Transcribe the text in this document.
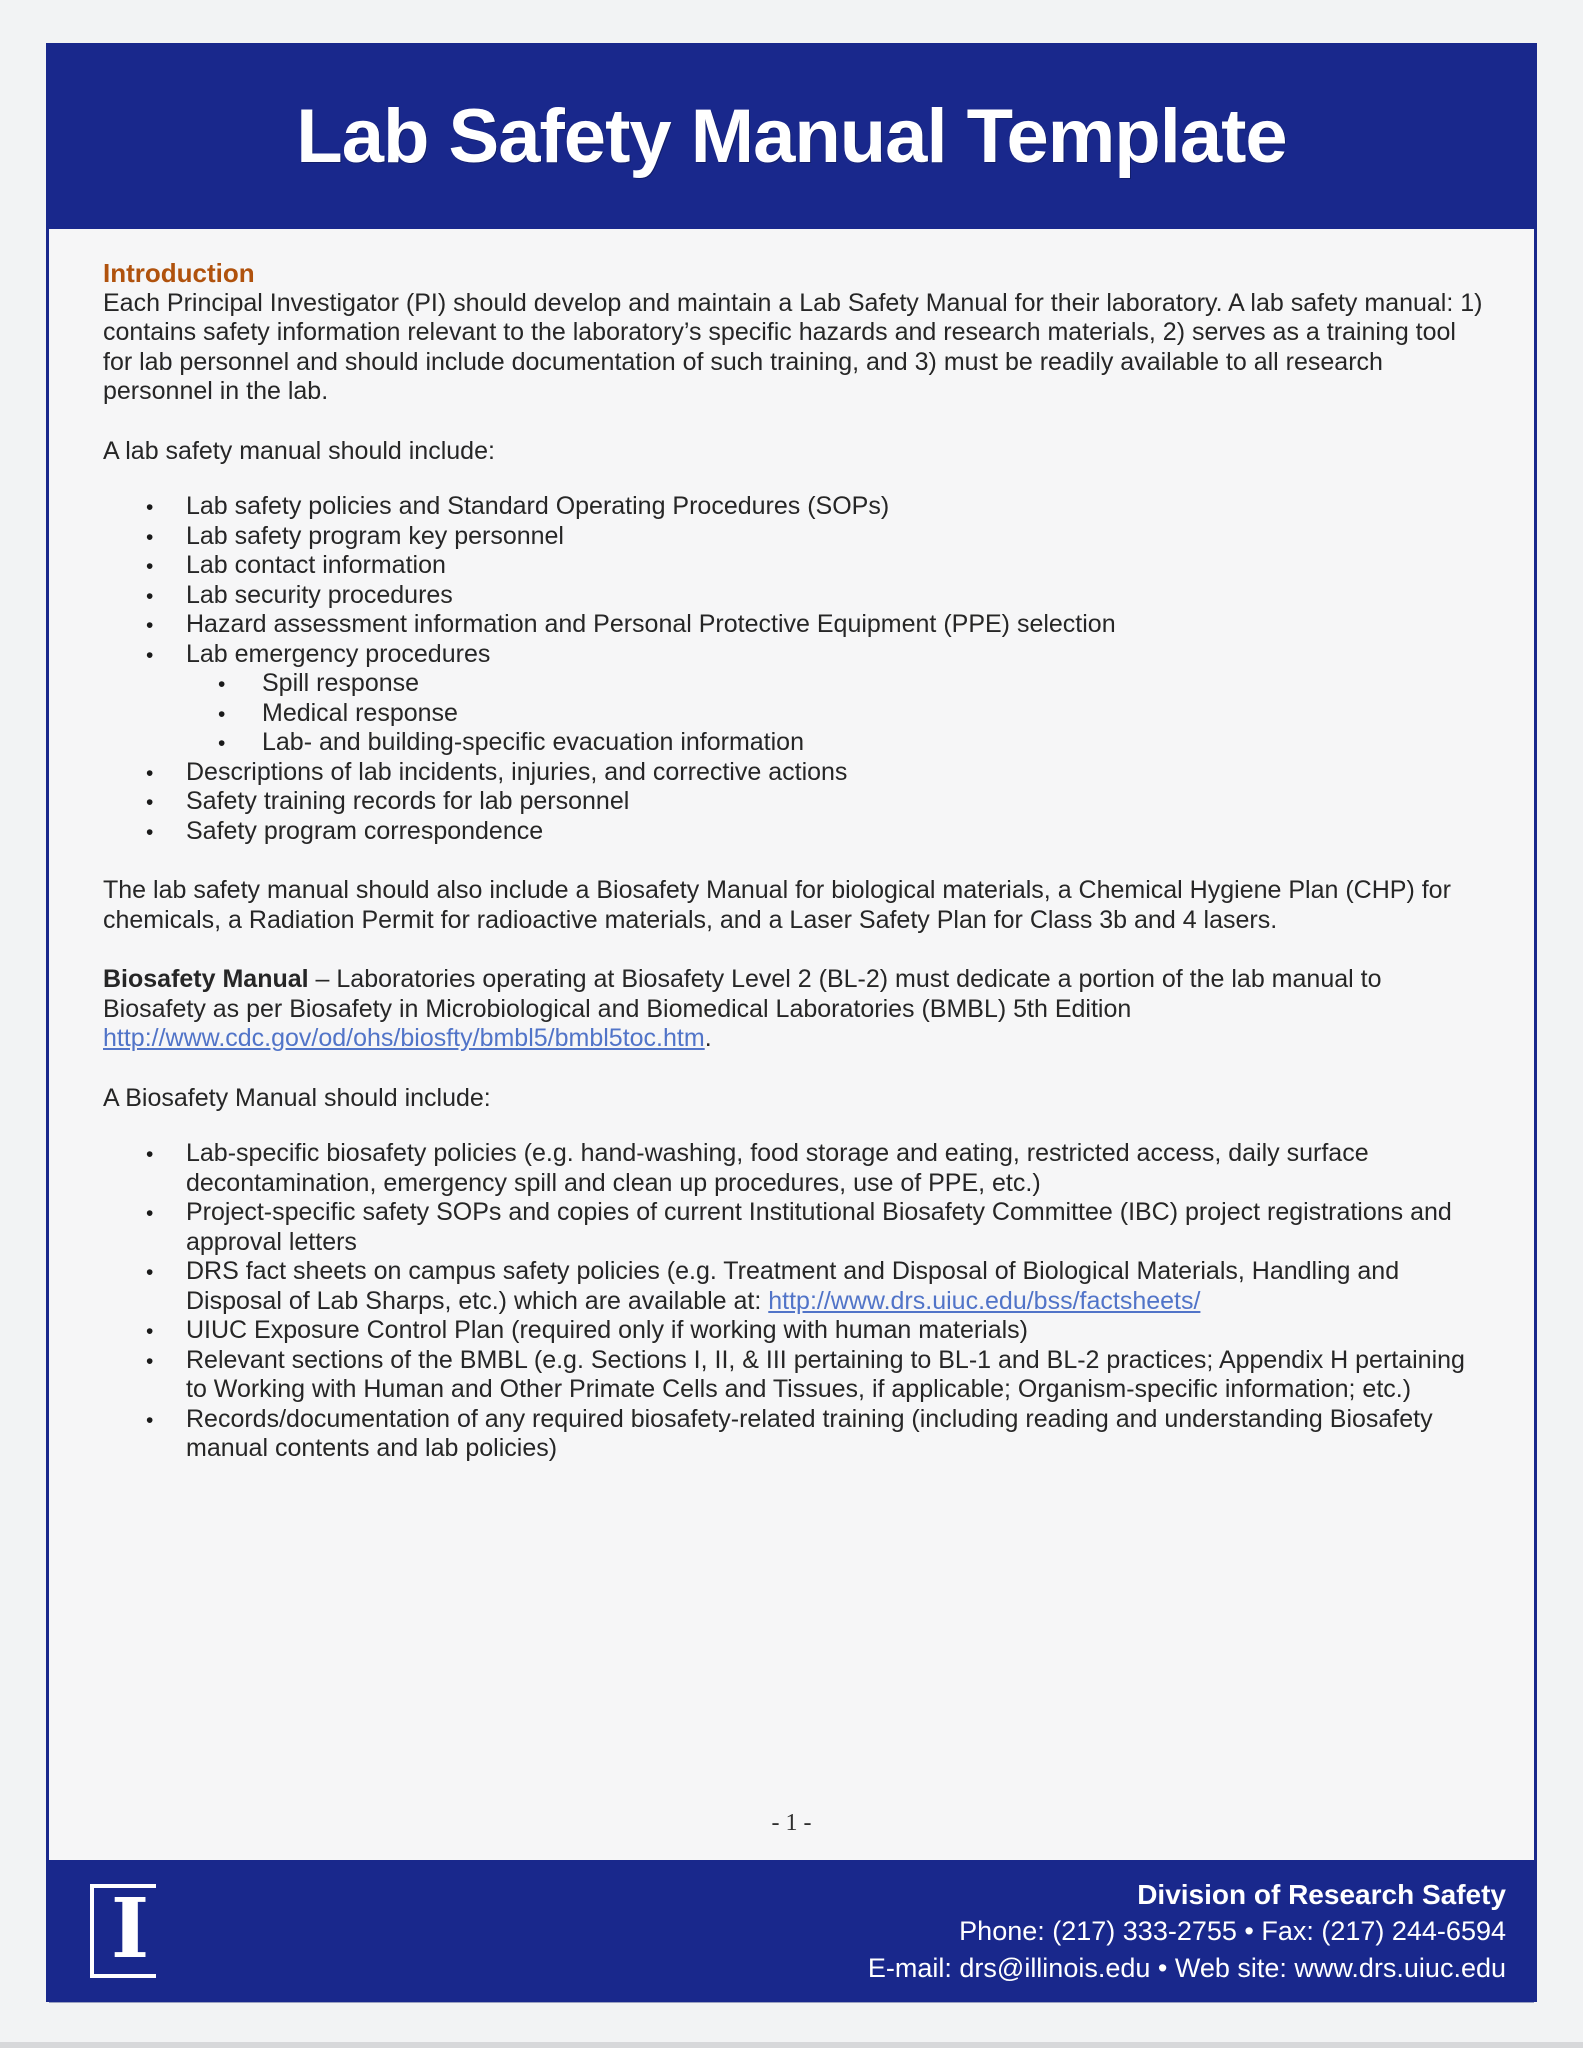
Lab Safety Manual Template
Introduction

Each Principal Investigator (PI) should develop and maintain a Lab Safety Manual for their laboratory. A lab safety manual: 1) contains safety information relevant to the laboratory’s specific hazards and research materials, 2) serves as a training tool for lab personnel and should include documentation of such training, and 3) must be readily available to all research personnel in the lab.

A lab safety manual should include:

• Lab safety policies and Standard Operating Procedures (SOPs)
• Lab safety program key personnel
• Lab contact information
• Lab security procedures
• Hazard assessment information and Personal Protective Equipment (PPE) selection
• Lab emergency procedures
• Spill response
• Medical response
• Lab- and building-specific evacuation information
• Descriptions of lab incidents, injuries, and corrective actions
• Safety training records for lab personnel
• Safety program correspondence

The lab safety manual should also include a Biosafety Manual for biological materials, a Chemical Hygiene Plan (CHP) for chemicals, a Radiation Permit for radioactive materials, and a Laser Safety Plan for Class 3b and 4 lasers.

Biosafety Manual – Laboratories operating at Biosafety Level 2 (BL-2) must dedicate a portion of the lab manual to Biosafety as per Biosafety in Microbiological and Biomedical Laboratories (BMBL) 5th Edition http://www.cdc.gov/od/ohs/biosfty/bmbl5/bmbl5toc.htm.

A Biosafety Manual should include:

• Lab-specific biosafety policies (e.g. hand-washing, food storage and eating, restricted access, daily surface decontamination, emergency spill and clean up procedures, use of PPE, etc.)
• Project-specific safety SOPs and copies of current Institutional Biosafety Committee (IBC) project registrations and approval letters
• DRS fact sheets on campus safety policies (e.g. Treatment and Disposal of Biological Materials, Handling and Disposal of Lab Sharps, etc.) which are available at: http://www.drs.uiuc.edu/bss/factsheets/
• UIUC Exposure Control Plan (required only if working with human materials)
• Relevant sections of the BMBL (e.g. Sections I, II, & III pertaining to BL-1 and BL-2 practices; Appendix H pertaining to Working with Human and Other Primate Cells and Tissues, if applicable; Organism-specific information; etc.)
• Records/documentation of any required biosafety-related training (including reading and understanding Biosafety manual contents and lab policies)
- 1 -
I	Division of Research Safety
Phone: (217) 333-2755 • Fax: (217) 244-6594
E-mail: drs@illinois.edu • Web site: www.drs.uiuc.edu
